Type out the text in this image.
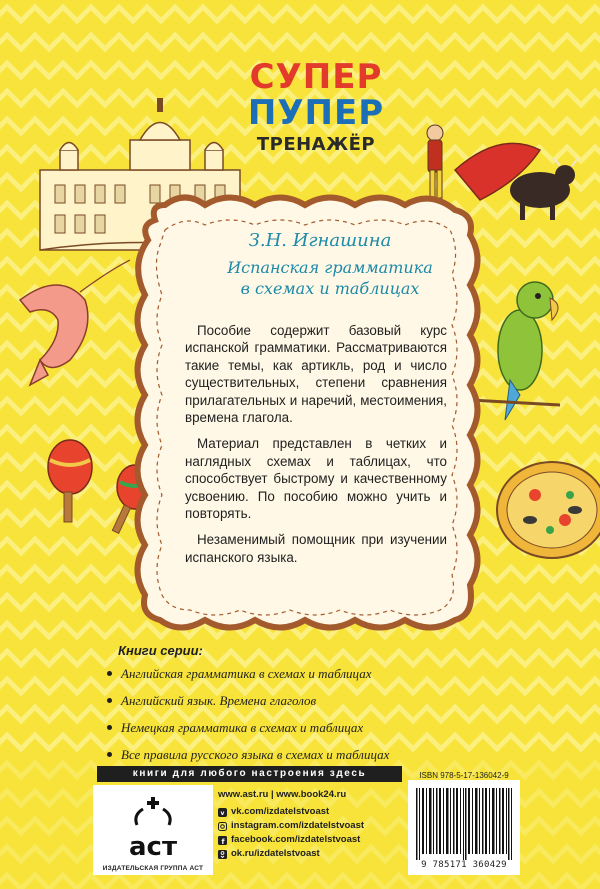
СУПЕР
ПУПЕР
ТРЕНАЖЁР
З.Н. Игнашина
Испанская грамматика
в схемах и таблицах

Пособие содержит базовый курс испанской грамматики. Рассматриваются такие темы, как артикль, род и число существительных, степени сравнения прилагательных и наречий, местоимения, времена глагола.

Материал представлен в четких и наглядных схемах и таблицах, что способствует быстрому и качественному усвоению. По пособию можно учить и повторять.

Незаменимый помощник при изучении испанского языка.

Книги серии:
Английская грамматика в схемах и таблицах
Английский язык. Времена глаголов
Немецкая грамматика в схемах и таблицах
Все правила русского языка в схемах и таблицах
книги для любого настроения здесь
аст
ИЗДАТЕЛЬСКАЯ ГРУППА АСТ
www.ast.ru | www.book24.ru
v vk.com/izdatelstvoast
instagram.com/izdatelstvoast
f facebook.com/izdatelstvoast
ok.ru/izdatelstvoast
ISBN 978-5-17-136042-9
9 785171 360429
